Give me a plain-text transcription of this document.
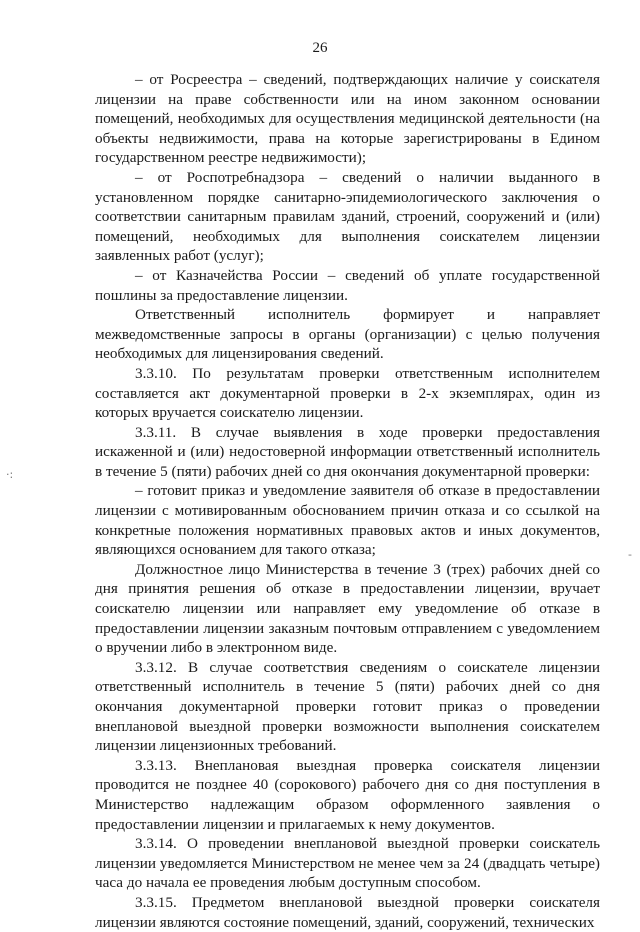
26

– от Росреестра – сведений, подтверждающих наличие у соискателя лицензии на праве собственности или на ином законном основании помещений, необходимых для осуществления медицинской деятельности (на объекты недвижимости, права на которые зарегистрированы в Едином государственном реестре недвижимости);

– от Роспотребнадзора – сведений о наличии выданного в установленном порядке санитарно-эпидемиологического заключения о соответствии санитарным правилам зданий, строений, сооружений и (или) помещений, необходимых для выполнения соискателем лицензии заявленных работ (услуг);

– от Казначейства России – сведений об уплате государственной пошлины за предоставление лицензии.

Ответственный исполнитель формирует и направляет межведомственные запросы в органы (организации) с целью получения необходимых для лицензирования сведений.

3.3.10. По результатам проверки ответственным исполнителем составляется акт документарной проверки в 2-х экземплярах, один из которых вручается соискателю лицензии.

3.3.11. В случае выявления в ходе проверки предоставления искаженной и (или) недостоверной информации ответственный исполнитель в течение 5 (пяти) рабочих дней со дня окончания документарной проверки:

– готовит приказ и уведомление заявителя об отказе в предоставлении лицензии с мотивированным обоснованием причин отказа и со ссылкой на конкретные положения нормативных правовых актов и иных документов, являющихся основанием для такого отказа;

Должностное лицо Министерства в течение 3 (трех) рабочих дней со дня принятия решения об отказе в предоставлении лицензии, вручает соискателю лицензии или направляет ему уведомление об отказе в предоставлении лицензии заказным почтовым отправлением с уведомлением о вручении либо в электронном виде.

3.3.12. В случае соответствия сведениям о соискателе лицензии ответственный исполнитель в течение 5 (пяти) рабочих дней со дня окончания документарной проверки готовит приказ о проведении внеплановой выездной проверки возможности выполнения соискателем лицензии лицензионных требований.

3.3.13. Внеплановая выездная проверка соискателя лицензии проводится не позднее 40 (сорокового) рабочего дня со дня поступления в Министерство надлежащим образом оформленного заявления о предоставлении лицензии и прилагаемых к нему документов.

3.3.14. О проведении внеплановой выездной проверки соискатель лицензии уведомляется Министерством не менее чем за 24 (двадцать четыре) часа до начала ее проведения любым доступным способом.

3.3.15. Предметом внеплановой выездной проверки соискателя лицензии являются состояние помещений, зданий, сооружений, технических

·:
-
